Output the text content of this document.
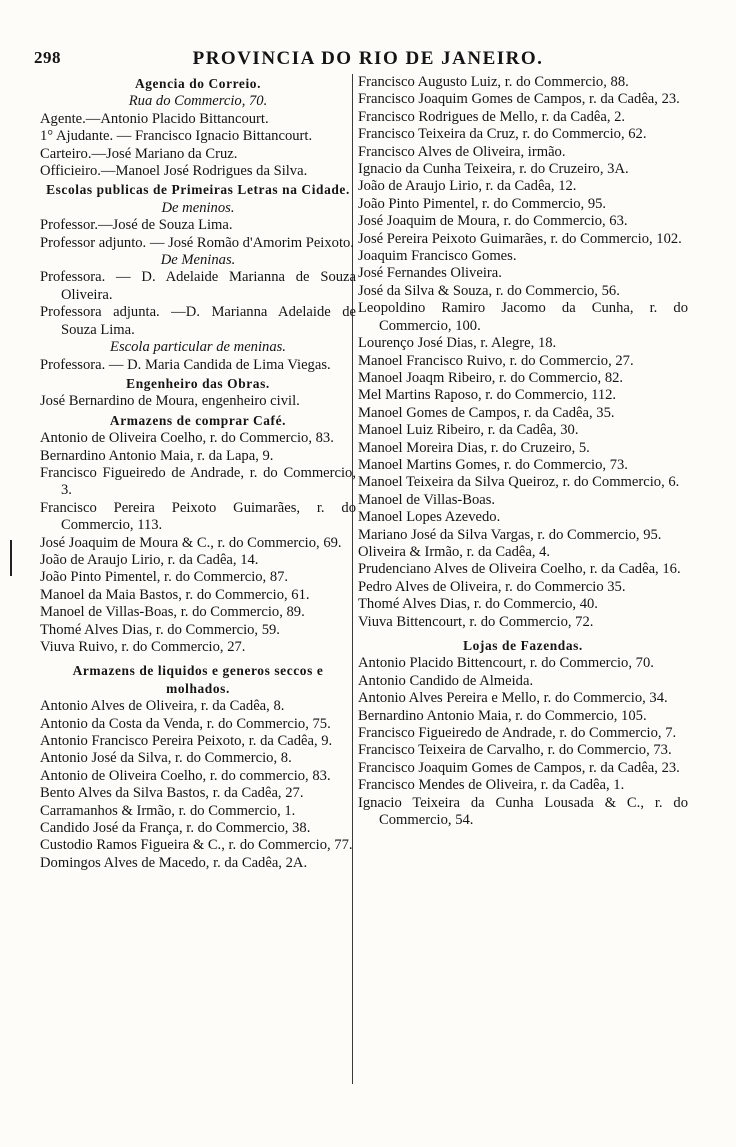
298	PROVINCIA DO RIO DE JANEIRO.

Agencia do Correio.

Rua do Commercio, 70.

Agente.—Antonio Placido Bittancourt.

1° Ajudante. — Francisco Ignacio Bittancourt.

Carteiro.—José Mariano da Cruz.

Officieiro.—Manoel José Rodrigues da Silva.

Escolas publicas de Primeiras Letras na Cidade.

De meninos.

Professor.—José de Souza Lima.

Professor adjunto. — José Romão d'Amorim Peixoto.

De Meninas.

Professora. — D. Adelaide Marianna de Souza Oliveira.

Professora adjunta. —D. Marianna Adelaide de Souza Lima.

Escola particular de meninas.

Professora. — D. Maria Candida de Lima Viegas.

Engenheiro das Obras.

José Bernardino de Moura, engenheiro civil.

Armazens de comprar Café.

Antonio de Oliveira Coelho, r. do Commercio, 83.

Bernardino Antonio Maia, r. da Lapa, 9.

Francisco Figueiredo de Andrade, r. do Commercio, 3.

Francisco Pereira Peixoto Guimarães, r. do Commercio, 113.

José Joaquim de Moura & C., r. do Commercio, 69.

João de Araujo Lirio, r. da Cadêa, 14.

João Pinto Pimentel, r. do Commercio, 87.

Manoel da Maia Bastos, r. do Commercio, 61.

Manoel de Villas-Boas, r. do Commercio, 89.

Thomé Alves Dias, r. do Commercio, 59.

Viuva Ruivo, r. do Commercio, 27.

Armazens de liquidos e generos seccos e molhados.

Antonio Alves de Oliveira, r. da Cadêa, 8.

Antonio da Costa da Venda, r. do Commercio, 75.

Antonio Francisco Pereira Peixoto, r. da Cadêa, 9.

Antonio José da Silva, r. do Commercio, 8.

Antonio de Oliveira Coelho, r. do commercio, 83.

Bento Alves da Silva Bastos, r. da Cadêa, 27.

Carramanhos & Irmão, r. do Commercio, 1.

Candido José da França, r. do Commercio, 38.

Custodio Ramos Figueira & C., r. do Commercio, 77.

Domingos Alves de Macedo, r. da Cadêa, 2A.

Francisco Augusto Luiz, r. do Commercio, 88.

Francisco Joaquim Gomes de Campos, r. da Cadêa, 23.

Francisco Rodrigues de Mello, r. da Cadêa, 2.

Francisco Teixeira da Cruz, r. do Commercio, 62.

Francisco Alves de Oliveira, irmão.

Ignacio da Cunha Teixeira, r. do Cruzeiro, 3A.

João de Araujo Lirio, r. da Cadêa, 12.

João Pinto Pimentel, r. do Commercio, 95.

José Joaquim de Moura, r. do Commercio, 63.

José Pereira Peixoto Guimarães, r. do Commercio, 102.

Joaquim Francisco Gomes.

José Fernandes Oliveira.

José da Silva & Souza, r. do Commercio, 56.

Leopoldino Ramiro Jacomo da Cunha, r. do Commercio, 100.

Lourenço José Dias, r. Alegre, 18.

Manoel Francisco Ruivo, r. do Commercio, 27.

Manoel Joaqm Ribeiro, r. do Commercio, 82.

Mel Martins Raposo, r. do Commercio, 112.

Manoel Gomes de Campos, r. da Cadêa, 35.

Manoel Luiz Ribeiro, r. da Cadêa, 30.

Manoel Moreira Dias, r. do Cruzeiro, 5.

Manoel Martins Gomes, r. do Commercio, 73.

Manoel Teixeira da Silva Queiroz, r. do Commercio, 6.

Manoel de Villas-Boas.

Manoel Lopes Azevedo.

Mariano José da Silva Vargas, r. do Commercio, 95.

Oliveira & Irmão, r. da Cadêa, 4.

Prudenciano Alves de Oliveira Coelho, r. da Cadêa, 16.

Pedro Alves de Oliveira, r. do Commercio 35.

Thomé Alves Dias, r. do Commercio, 40.

Viuva Bittencourt, r. do Commercio, 72.

Lojas de Fazendas.

Antonio Placido Bittencourt, r. do Commercio, 70.

Antonio Candido de Almeida.

Antonio Alves Pereira e Mello, r. do Commercio, 34.

Bernardino Antonio Maia, r. do Commercio, 105.

Francisco Figueiredo de Andrade, r. do Commercio, 7.

Francisco Teixeira de Carvalho, r. do Commercio, 73.

Francisco Joaquim Gomes de Campos, r. da Cadêa, 23.

Francisco Mendes de Oliveira, r. da Cadêa, 1.

Ignacio Teixeira da Cunha Lousada & C., r. do Commercio, 54.
